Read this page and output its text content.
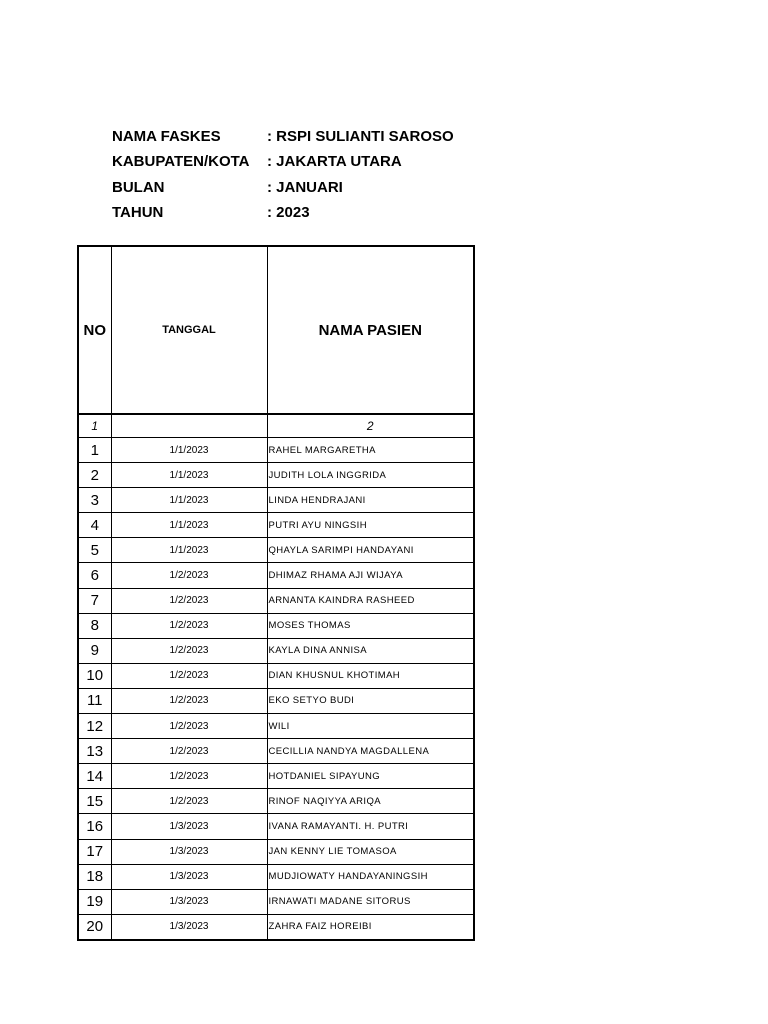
NAMA FASKES	: RSPI SULIANTI SAROSO
KABUPATEN/KOTA	: JAKARTA UTARA
BULAN	: JANUARI
TAHUN	: 2023
NO	TANGGAL	NAMA PASIEN
1		2
1	1/1/2023	RAHEL MARGARETHA
2	1/1/2023	JUDITH LOLA INGGRIDA
3	1/1/2023	LINDA HENDRAJANI
4	1/1/2023	PUTRI AYU NINGSIH
5	1/1/2023	QHAYLA SARIMPI HANDAYANI
6	1/2/2023	DHIMAZ RHAMA AJI WIJAYA
7	1/2/2023	ARNANTA KAINDRA RASHEED
8	1/2/2023	MOSES THOMAS
9	1/2/2023	KAYLA DINA ANNISA
10	1/2/2023	DIAN KHUSNUL KHOTIMAH
11	1/2/2023	EKO SETYO BUDI
12	1/2/2023	WILI
13	1/2/2023	CECILLIA NANDYA MAGDALLENA
14	1/2/2023	HOTDANIEL SIPAYUNG
15	1/2/2023	RINOF NAQIYYA ARIQA
16	1/3/2023	IVANA RAMAYANTI. H. PUTRI
17	1/3/2023	JAN KENNY LIE TOMASOA
18	1/3/2023	MUDJIOWATY HANDAYANINGSIH
19	1/3/2023	IRNAWATI MADANE SITORUS
20	1/3/2023	ZAHRA FAIZ HOREIBI
